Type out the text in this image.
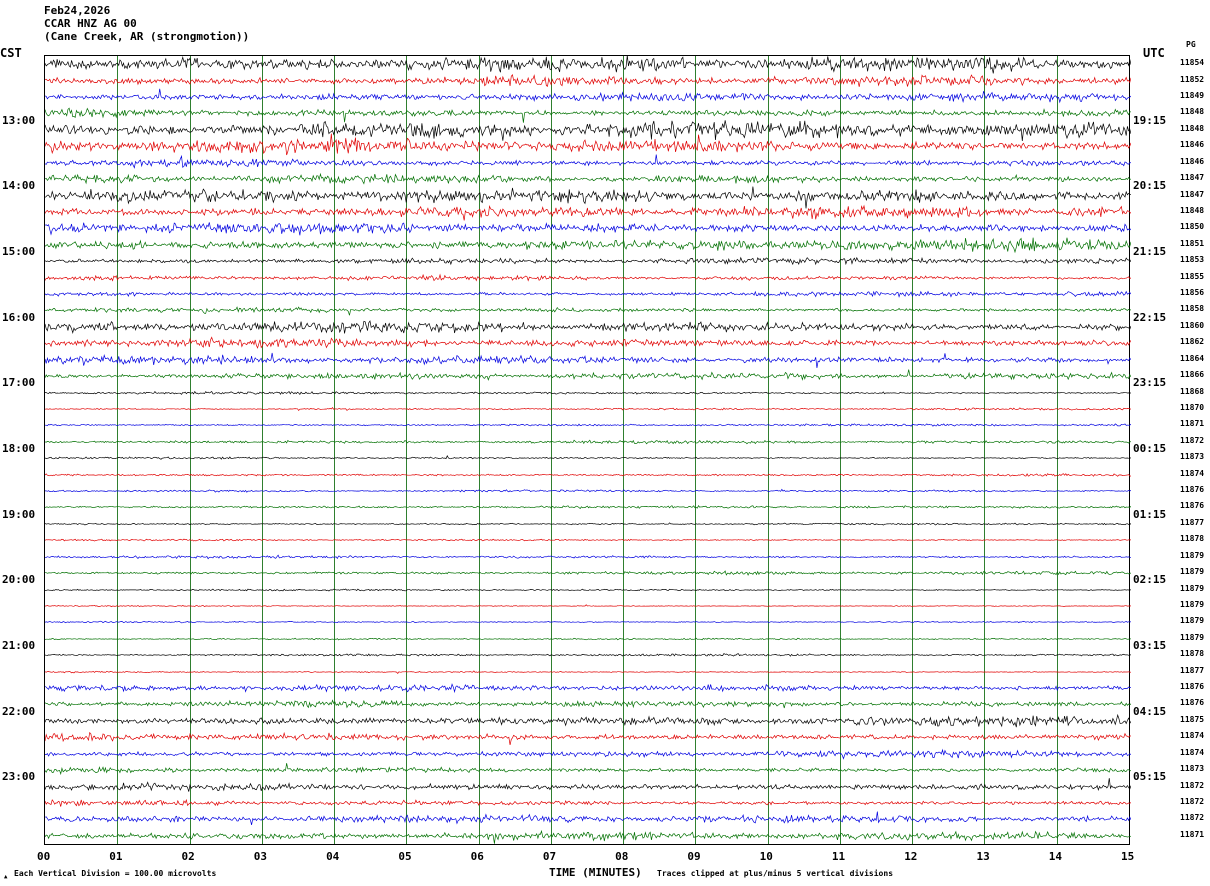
Feb24,2026
CCAR HNZ AG 00
(Cane Creek, AR (strongmotion))
CST	UTC
PG
13:00
14:00
15:00
16:00
17:00
18:00
19:00
20:00
21:00
22:00
23:00
19:15
20:15
21:15
22:15
23:15
00:15
01:15
02:15
03:15
04:15
05:15
11854
11852
11849
11848
11848
11846
11846
11847
11847
11848
11850
11851
11853
11855
11856
11858
11860
11862
11864
11866
11868
11870
11871
11872
11873
11874
11876
11876
11877
11878
11879
11879
11879
11879
11879
11879
11878
11877
11876
11876
11875
11874
11874
11873
11872
11872
11872
11871
00	01	02	03	04	05	06	07	08	09	10	11	12	13	14	15
TIME (MINUTES)
▴ Each Vertical Division = 100.00 microvolts	Traces clipped at plus/minus 5 vertical divisions
